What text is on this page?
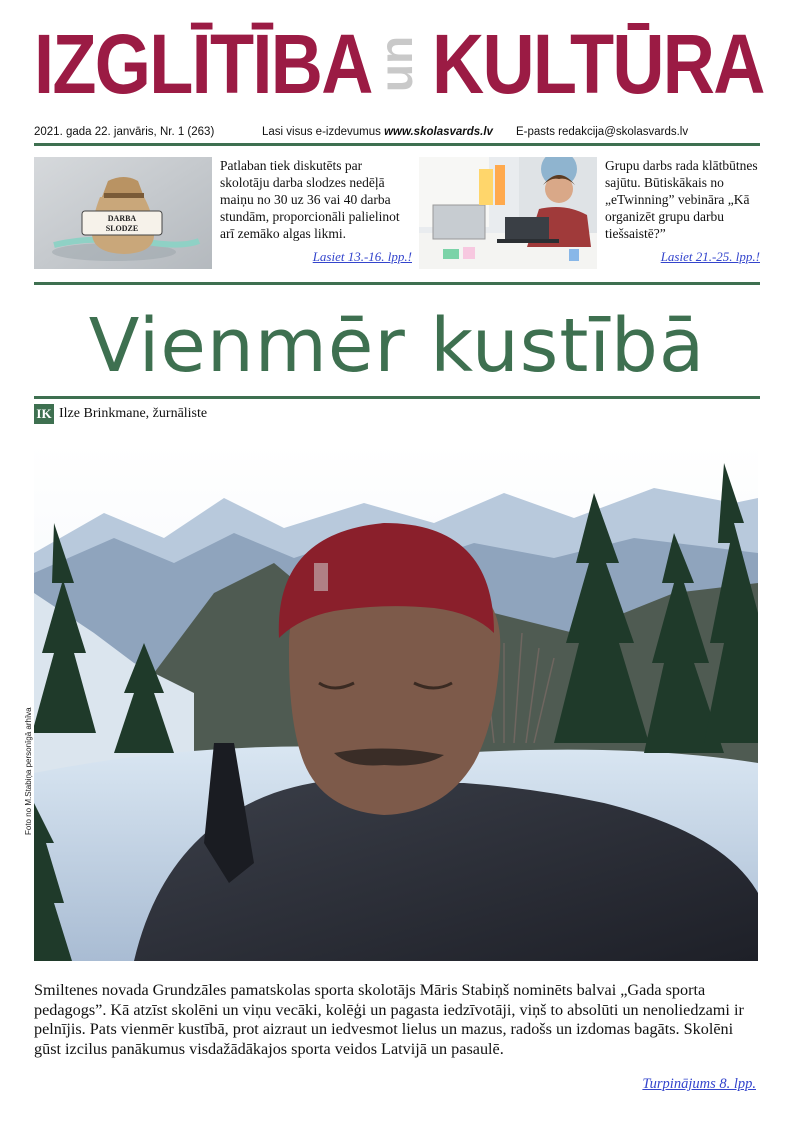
IZGLĪTĪBA
un KULTŪRA
2021. gada 22. janvāris, Nr. 1 (263)	Lasi visus e-izdevumus www.skolasvards.lv E-pasts redakcija@skolasvards.lv
DARBA
SLODZE
Patlaban tiek diskutēts par skolotāju darba slodzes nedēļā maiņu no 30 uz 36 vai 40 darba stundām, proporcionāli palielinot arī zemāko algas likmi.
Lasiet 13.-16. lpp.!
Grupu darbs rada klātbūtnes sajūtu. Būtiskākais no „eTwinning” vebināra „Kā organizēt grupu darbu tiešsaistē?”
Lasiet 21.-25. lpp.!
Vienmēr kustībā
IK Ilze Brinkmane, žurnāliste
Foto no M.Stabiņa personīgā arhīva
Smiltenes novada Grundzāles pamatskolas sporta skolotājs Māris Stabiņš nominēts balvai „Gada sporta pedagogs”. Kā atzīst skolēni un viņu vecāki, kolēģi un pagasta iedzīvotāji, viņš to absolūti un nenoliedzami ir pelnījis. Pats vienmēr kustībā, prot aizraut un iedvesmot lielus un mazus, radošs un izdomas bagāts. Skolēni gūst izcilus panākumus visdažādākajos sporta veidos Latvijā un pasaulē.
Turpinājums 8. lpp.
